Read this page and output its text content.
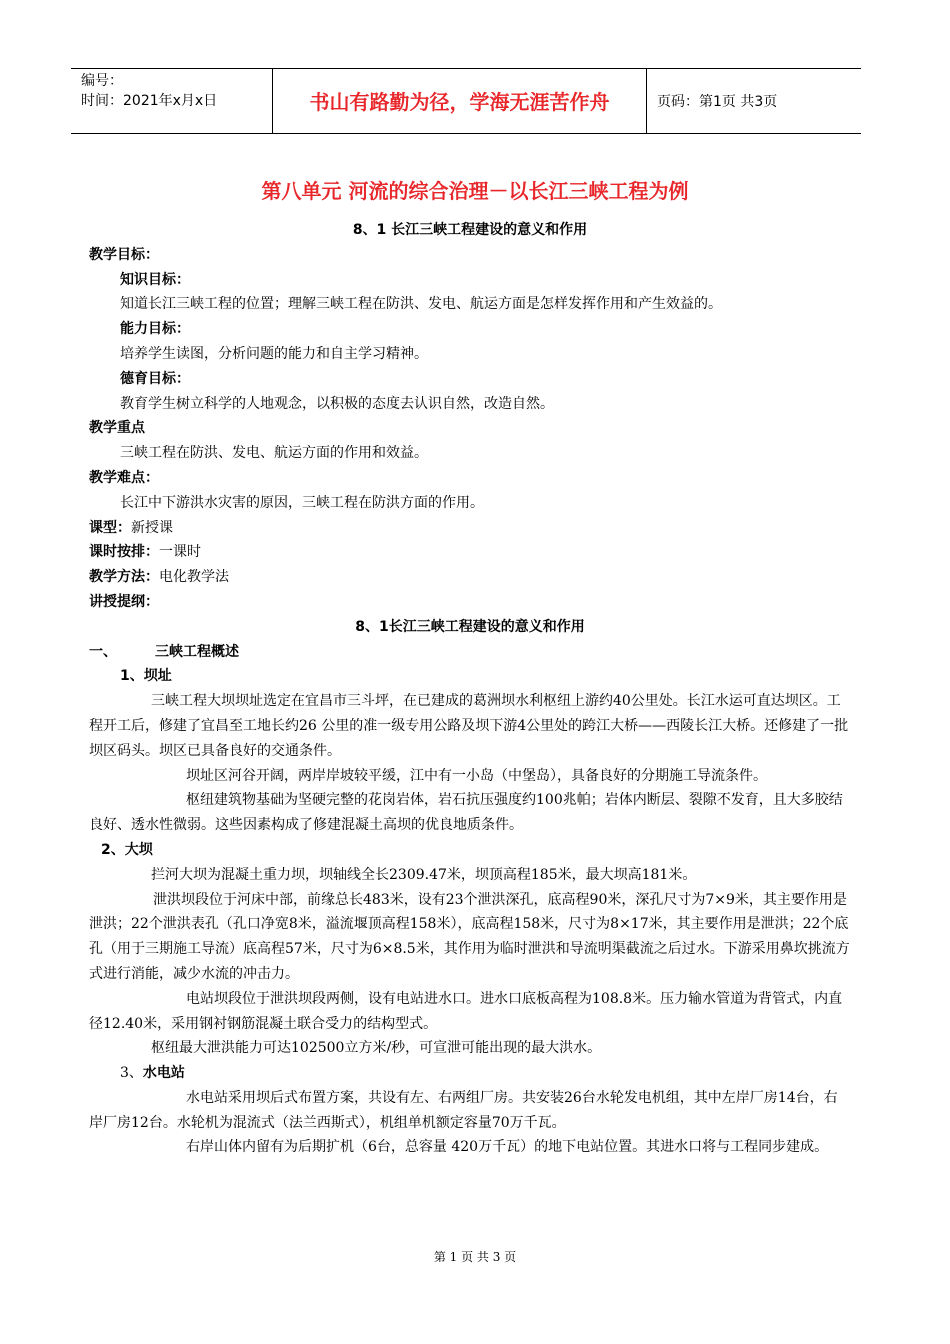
编号：
时间：2021年x月x日	书山有路勤为径，学海无涯苦作舟	页码：第1页 共3页
第八单元 河流的综合治理－以长江三峡工程为例

8、1 长江三峡工程建设的意义和作用

教学目标：

知识目标：

知道长江三峡工程的位置；理解三峡工程在防洪、发电、航运方面是怎样发挥作用和产生效益的。

能力目标：

培养学生读图，分析问题的能力和自主学习精神。

德育目标：

教育学生树立科学的人地观念，以积极的态度去认识自然，改造自然。

教学重点

三峡工程在防洪、发电、航运方面的作用和效益。

教学难点：

长江中下游洪水灾害的原因，三峡工程在防洪方面的作用。

课型：新授课

课时按排：一课时

教学方法：电化教学法

讲授提纲：

8、1长江三峡工程建设的意义和作用

一、	三峡工程概述

1、坝址

三峡工程大坝坝址选定在宜昌市三斗坪，在已建成的葛洲坝水利枢纽上游约40公里处。长江水运可直达坝区。工程开工后，修建了宜昌至工地长约26 公里的准一级专用公路及坝下游4公里处的跨江大桥——西陵长江大桥。还修建了一批坝区码头。坝区已具备良好的交通条件。

坝址区河谷开阔，两岸岸坡较平缓，江中有一小岛（中堡岛），具备良好的分期施工导流条件。

枢纽建筑物基础为坚硬完整的花岗岩体，岩石抗压强度约100兆帕；岩体内断层、裂隙不发育，且大多胶结良好、透水性微弱。这些因素构成了修建混凝土高坝的优良地质条件。

2、大坝

拦河大坝为混凝土重力坝，坝轴线全长2309.47米，坝顶高程185米，最大坝高181米。

泄洪坝段位于河床中部，前缘总长483米，设有23个泄洪深孔，底高程90米，深孔尺寸为7×9米，其主要作用是泄洪；22个泄洪表孔（孔口净宽8米，溢流堰顶高程158米），底高程158米，尺寸为8×17米，其主要作用是泄洪；22个底孔（用于三期施工导流）底高程57米，尺寸为6×8.5米，其作用为临时泄洪和导流明渠截流之后过水。下游采用鼻坎挑流方式进行消能，减少水流的冲击力。

电站坝段位于泄洪坝段两侧，设有电站进水口。进水口底板高程为108.8米。压力输水管道为背管式，内直径12.40米，采用钢衬钢筋混凝土联合受力的结构型式。

枢纽最大泄洪能力可达102500立方米/秒，可宣泄可能出现的最大洪水。

3、水电站

水电站采用坝后式布置方案，共设有左、右两组厂房。共安装26台水轮发电机组，其中左岸厂房14台，右岸厂房12台。水轮机为混流式（法兰西斯式），机组单机额定容量70万千瓦。

右岸山体内留有为后期扩机（6台，总容量 420万千瓦）的地下电站位置。其进水口将与工程同步建成。

第 1 页 共 3 页
